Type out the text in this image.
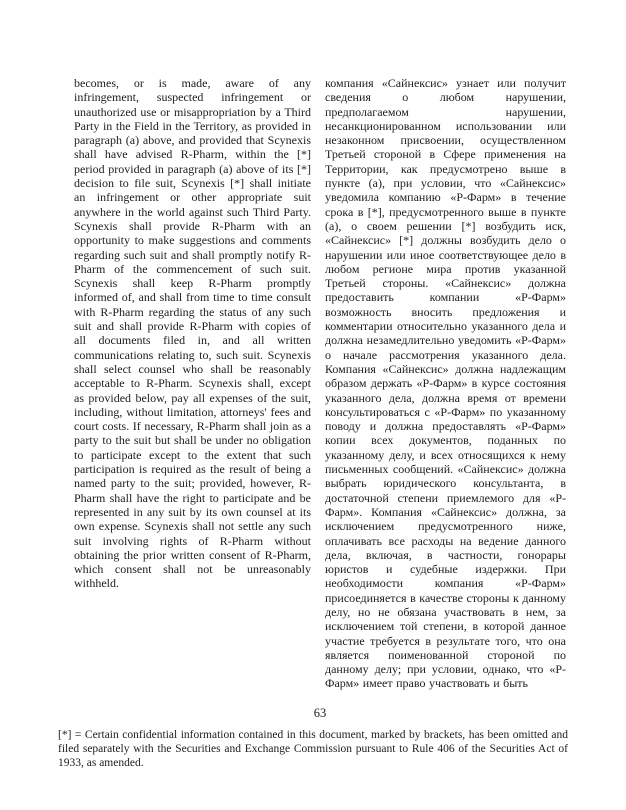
becomes, or is made, aware of any infringement, suspected infringement or unauthorized use or misappropriation by a Third Party in the Field in the Territory, as provided in paragraph (a) above, and provided that Scynexis shall have advised R-Pharm, within the [*] period provided in paragraph (a) above of its [*] decision to file suit, Scynexis [*] shall initiate an infringement or other appropriate suit anywhere in the world against such Third Party. Scynexis shall provide R-Pharm with an opportunity to make suggestions and comments regarding such suit and shall promptly notify R-Pharm of the commencement of such suit. Scynexis shall keep R-Pharm promptly informed of, and shall from time to time consult with R-Pharm regarding the status of any such suit and shall provide R-Pharm with copies of all documents filed in, and all written communications relating to, such suit. Scynexis shall select counsel who shall be reasonably acceptable to R-Pharm. Scynexis shall, except as provided below, pay all expenses of the suit, including, without limitation, attorneys' fees and court costs. If necessary, R-Pharm shall join as a party to the suit but shall be under no obligation to participate except to the extent that such participation is required as the result of being a named party to the suit; provided, however, R-Pharm shall have the right to participate and be represented in any suit by its own counsel at its own expense. Scynexis shall not settle any such suit involving rights of R-Pharm without obtaining the prior written consent of R-Pharm, which consent shall not be unreasonably withheld.
компания «Сайнексис» узнает или получит сведения о любом нарушении, предполагаемом нарушении, несанкционированном использовании или незаконном присвоении, осуществленном Третьей стороной в Сфере применения на Территории, как предусмотрено выше в пункте (а), при условии, что «Сайнексис» уведомила компанию «Р-Фарм» в течение срока в [*], предусмотренного выше в пункте (а), о своем решении [*] возбудить иск, «Сайнексис» [*] должны возбудить дело о нарушении или иное соответствующее дело в любом регионе мира против указанной Третьей стороны. «Сайнексис» должна предоставить компании «Р-Фарм» возможность вносить предложения и комментарии относительно указанного дела и должна незамедлительно уведомить «Р-Фарм» о начале рассмотрения указанного дела. Компания «Сайнексис» должна надлежащим образом держать «Р-Фарм» в курсе состояния указанного дела, должна время от времени консультироваться с «Р-Фарм» по указанному поводу и должна предоставлять «Р-Фарм» копии всех документов, поданных по указанному делу, и всех относящихся к нему письменных сообщений. «Сайнексис» должна выбрать юридического консультанта, в достаточной степени приемлемого для «Р-Фарм». Компания «Сайнексис» должна, за исключением предусмотренного ниже, оплачивать все расходы на ведение данного дела, включая, в частности, гонорары юристов и судебные издержки. При необходимости компания «Р-Фарм» присоединяется в качестве стороны к данному делу, но не обязана участвовать в нем, за исключением той степени, в которой данное участие требуется в результате того, что она является поименованной стороной по данному делу; при условии, однако, что «Р-Фарм» имеет право участвовать и быть
63
[*] = Certain confidential information contained in this document, marked by brackets, has been omitted and filed separately with the Securities and Exchange Commission pursuant to Rule 406 of the Securities Act of 1933, as amended.
